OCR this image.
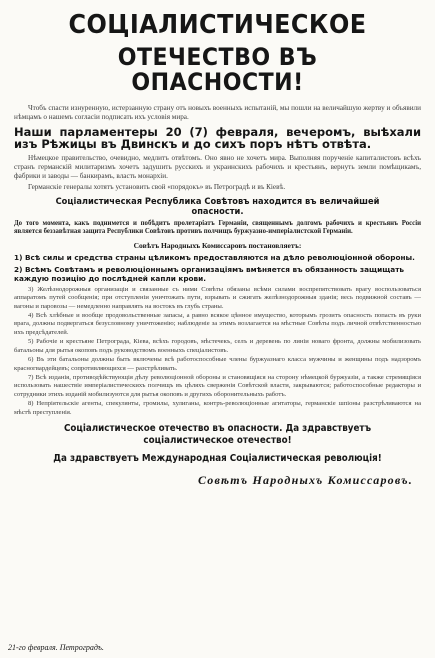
СОЦІАЛИСТИЧЕСКОЕ
ОТЕЧЕСТВО ВЪ ОПАСНОСТИ!

Чтобъ спасти изнуренную, истерзанную страну отъ новыхъ военныхъ испытаній, мы пошли на величайшую жертву и объявили нѣмцамъ о нашемъ согласіи подписать ихъ условія мира.

Наши парламентеры 20 (7) февраля, вечеромъ, выѣхали изъ Рѣжицы въ Двинскъ и до сихъ поръ нѣтъ отвѣта.

Нѣмецкое правительство, очевидно, медлитъ отвѣтомъ. Оно явно не хочетъ мира. Выполняя порученіе капиталистовъ всѣхъ странъ германскій милитаризмъ хочетъ задушить русскихъ и украинскихъ рабочихъ и крестьянъ, вернуть земли помѣщикамъ, фабрики и заводы — банкирамъ, власть монархіи.

Германскіе генералы хотятъ установить свой «порядокъ» въ Петроградѣ и въ Кіевѣ.

Соціалистическая Республика Совѣтовъ находится въ величайшей опасности.

До того момента, какъ поднимется и побѣдитъ пролетаріатъ Германіи, священнымъ долгомъ рабочихъ и крестьянъ Россіи является беззавѣтная защита Республики Совѣтовъ противъ полчищъ буржуазно-имперіалистской Германіи.

Совѣтъ Народныхъ Комиссаровъ постановляетъ:
1) Всѣ силы и средства страны цѣликомъ предоставляются на дѣло революціонной обороны.
2) Всѣмъ Совѣтамъ и революціоннымъ организаціямъ вмѣняется въ обязанность защищать каждую позицію до послѣдней капли крови.

3) Желѣзнодорожныя организаціи и связанные съ ними Совѣты обязаны всѣми силами воспрепятствовать врагу воспользоваться аппаратомъ путей сообщенія; при отступленіи уничтожать пути, взрывать и сжигать желѣзнодорожныя зданія; весь подвижной составъ — вагоны и паровозы — немедленно направлять на востокъ въ глубь страны.

4) Всѣ хлѣбные и вообще продовольственные запасы, а равно всякое цѣнное имущество, которымъ грозитъ опасность попасть въ руки врага, должны подвергаться безусловному уничтоженію; наблюденіе за этимъ возлагается на мѣстные Совѣты подъ личной отвѣтственностью ихъ предсѣдателей.

5) Рабочіе и крестьяне Петрограда, Кіева, всѣхъ городовъ, мѣстечекъ, селъ и деревень по линіи новаго фронта, должны мобилизовать батальоны для рытья окоповъ подъ руководствомъ военныхъ спеціалистовъ.

6) Въ эти батальоны должны быть включены всѣ работоспособные члены буржуазнаго класса мужчины и женщины подъ надзоромъ красногвардейцевъ; сопротивляющихся — разстрѣливать.

7) Всѣ изданія, противодѣйствующія дѣлу революціонной обороны и становящіяся на сторону нѣмецкой буржуазіи, а также стремящіяся использовать нашествіе имперіалистическихъ полчищъ въ цѣляхъ сверженія Совѣтской власти, закрываются; работоспособные редакторы и сотрудники этихъ изданій мобилизуются для рытья окоповъ и другихъ оборонительныхъ работъ.

8) Непріятельскіе агенты, спекулянты, громилы, хулиганы, контръ-революціонные агитаторы, германскіе шпіоны разстрѣливаются на мѣстѣ преступленія.

Соціалистическое отечество въ опасности. Да здравствуетъ соціалистическое отечество!
Да здравствуетъ Международная Соціалистическая революція!
Совѣтъ Народныхъ Комиссаровъ.
21-го февраля. Петроградъ.
